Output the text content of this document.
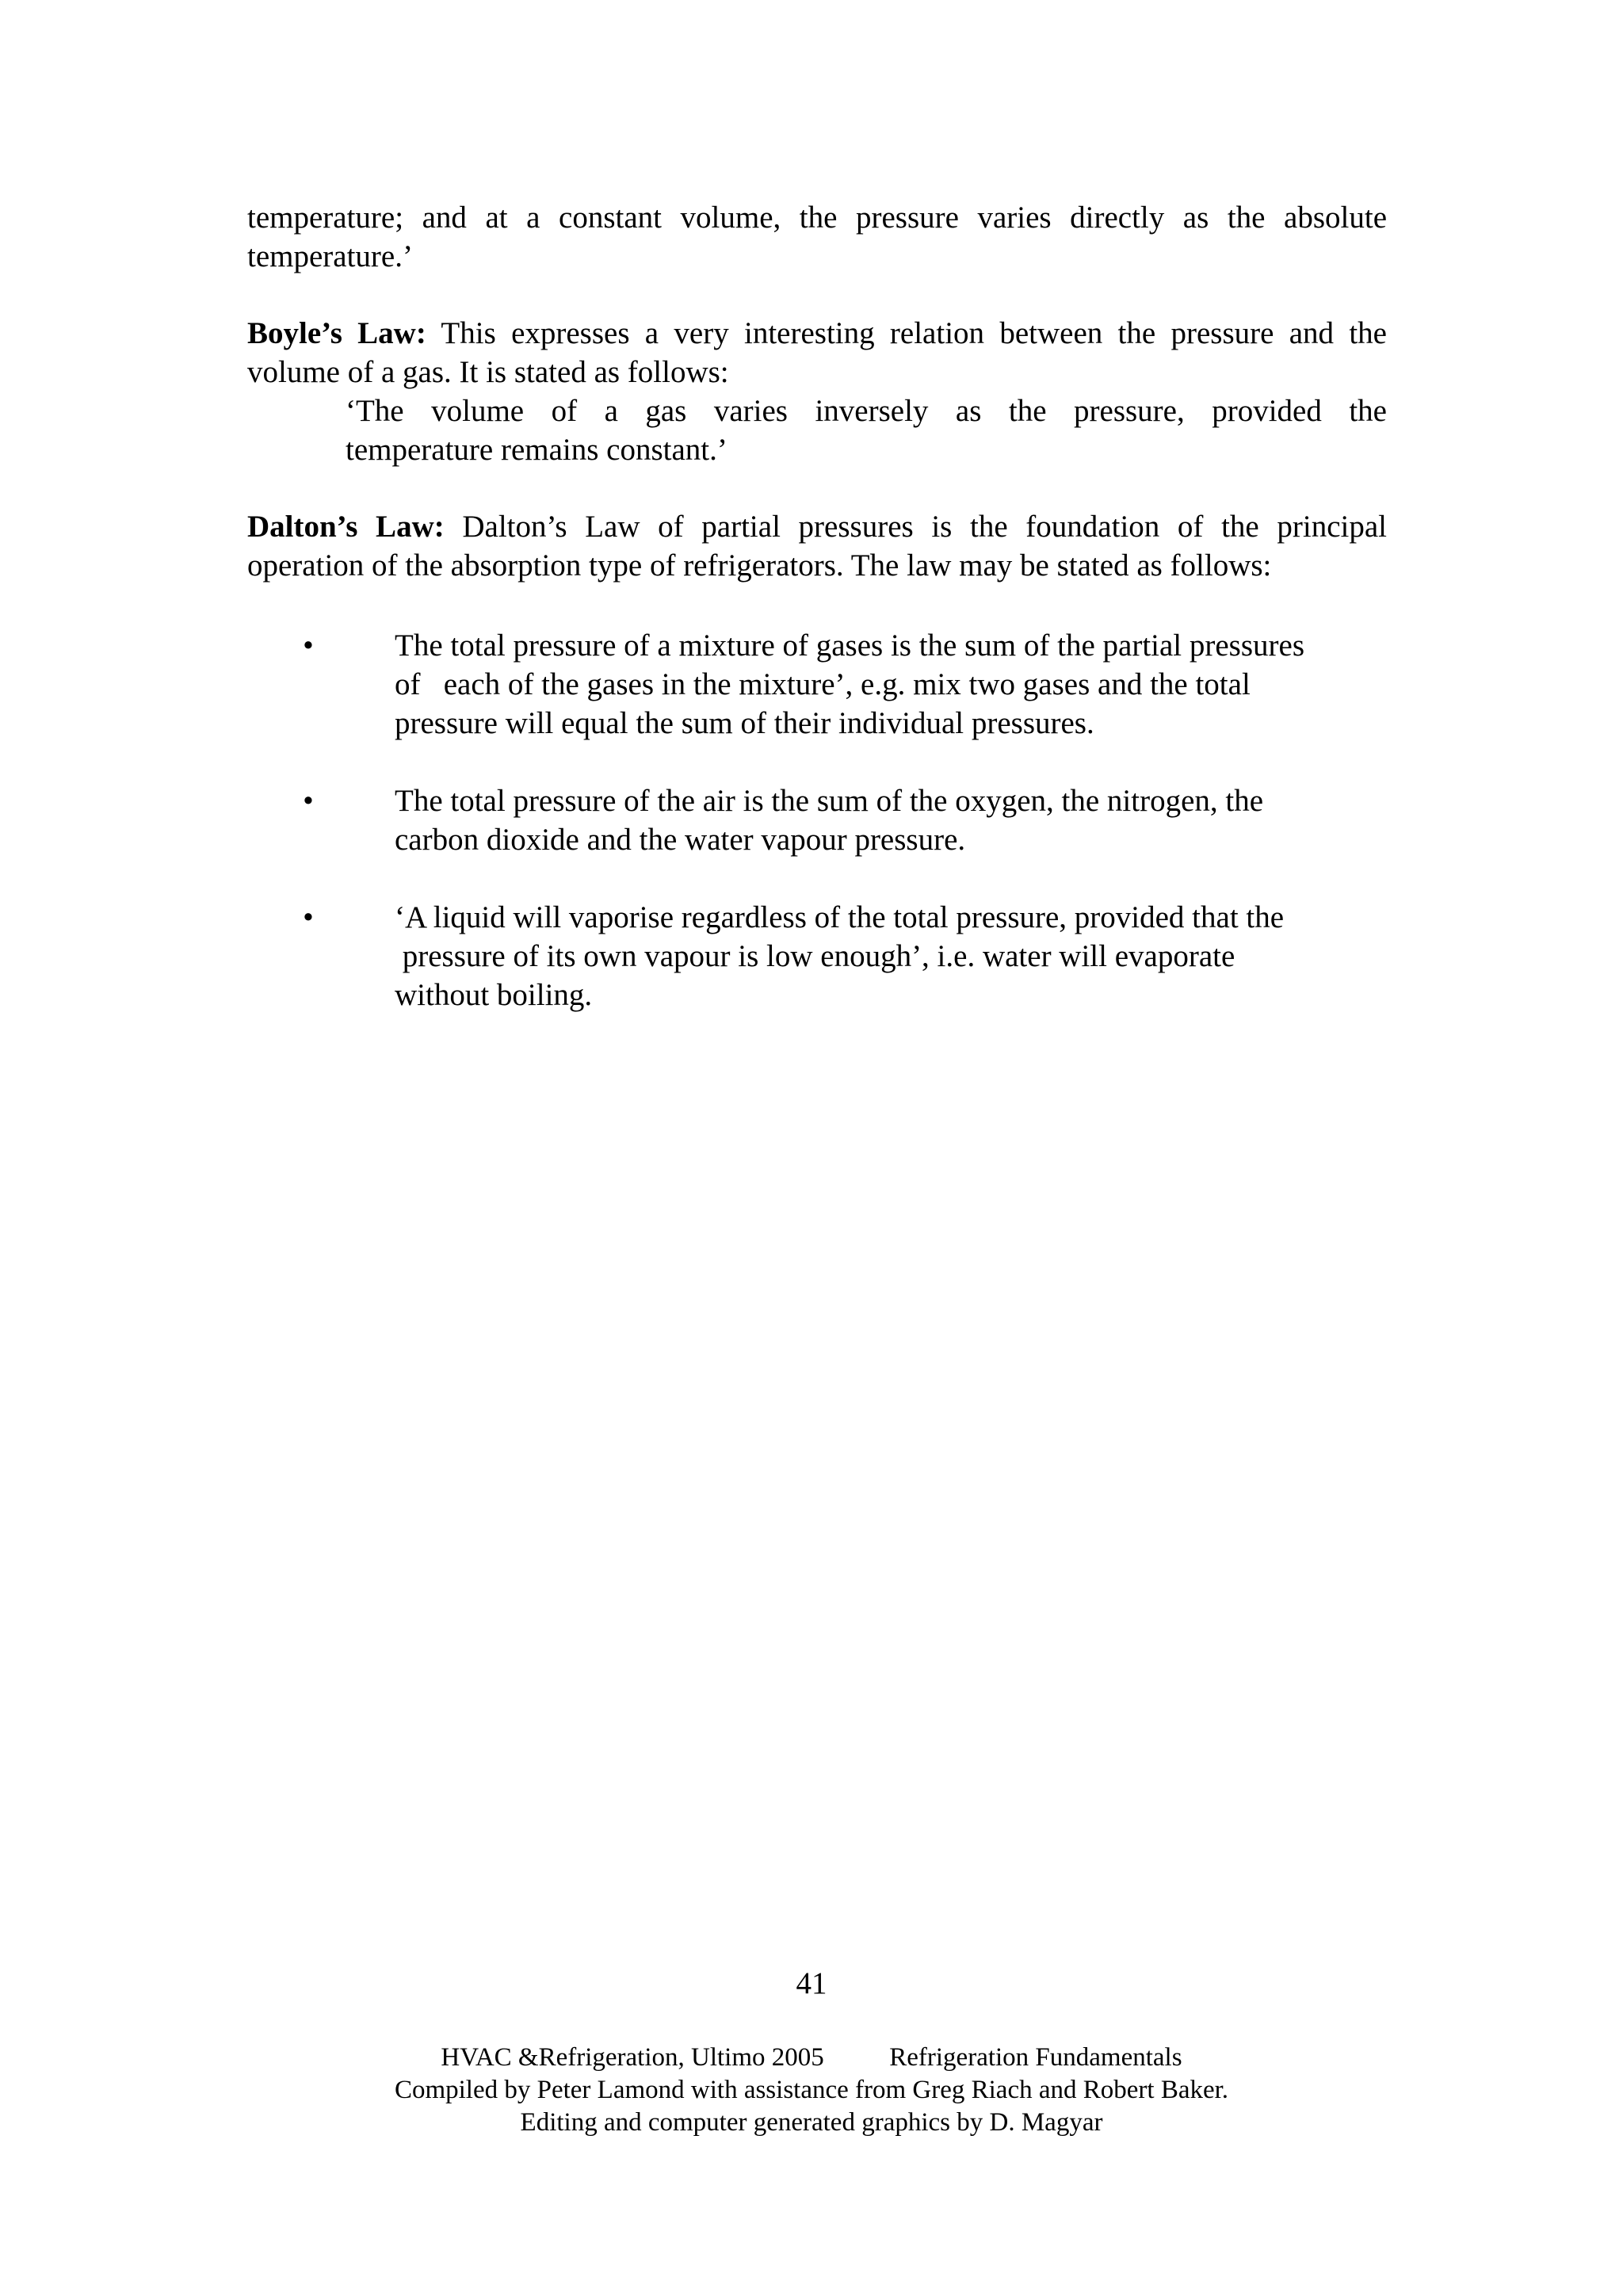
temperature; and at a constant volume, the pressure varies directly as the absolute

temperature.’

Boyle’s Law: This expresses a very interesting relation between the pressure and the volume of a gas. It is stated as follows:

‘The volume of a gas varies inversely as the pressure, provided the
temperature remains constant.’

Dalton’s Law: Dalton’s Law of partial pressures is the foundation of the principal operation of the absorption type of refrigerators. The law may be stated as follows:

•	The total pressure of a mixture of gases is the sum of the partial pressures
of   each of the gases in the mixture’, e.g. mix two gases and the total
pressure will equal the sum of their individual pressures.
•	The total pressure of the air is the sum of the oxygen, the nitrogen, the
carbon dioxide and the water vapour pressure.
•	‘A liquid will vaporise regardless of the total pressure, provided that the
pressure of its own vapour is low enough’, i.e. water will evaporate
without boiling.
41
HVAC &Refrigeration, Ultimo 2005          Refrigeration Fundamentals
Compiled by Peter Lamond with assistance from Greg Riach and Robert Baker.
Editing and computer generated graphics by D. Magyar
